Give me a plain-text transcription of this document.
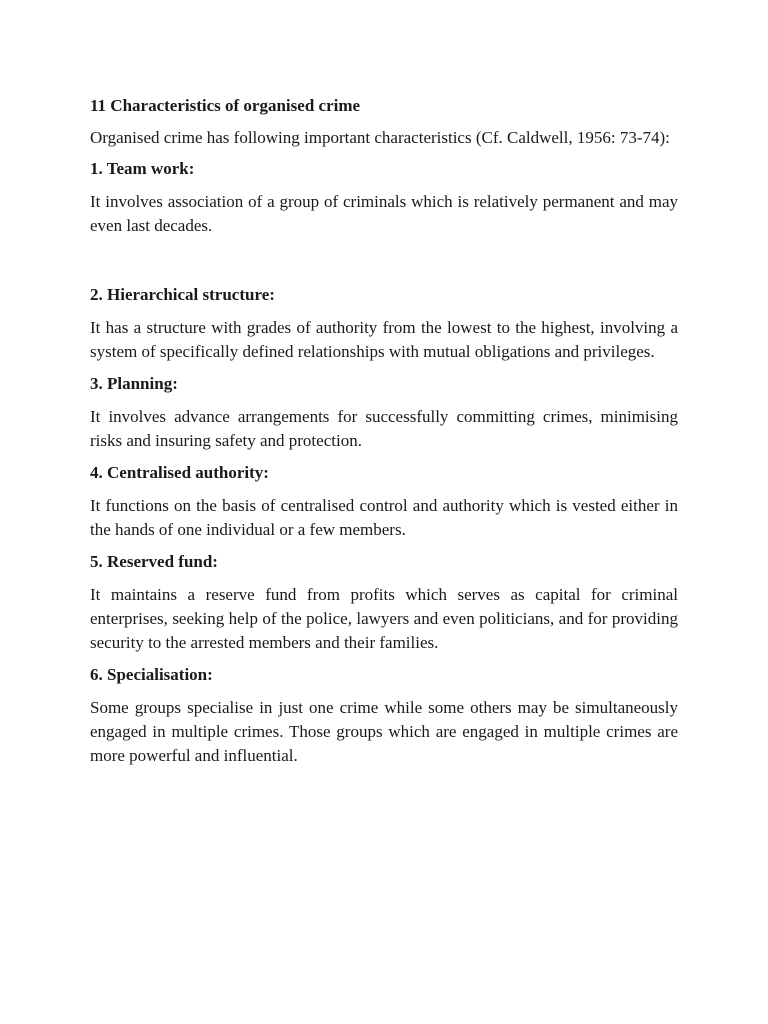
11 Characteristics of organised crime
Organised crime has following important characteristics (Cf. Caldwell, 1956: 73-74):
1. Team work:
It involves association of a group of criminals which is relatively permanent and may even last decades.
2. Hierarchical structure:
It has a structure with grades of authority from the lowest to the highest, involving a system of specifically defined relationships with mutual obligations and privileges.
3. Planning:
It involves advance arrangements for successfully committing crimes, minimising risks and insuring safety and protection.
4. Centralised authority:
It functions on the basis of centralised control and authority which is vested either in the hands of one individual or a few members.
5. Reserved fund:
It maintains a reserve fund from profits which serves as capital for criminal enterprises, seeking help of the police, lawyers and even politicians, and for providing security to the arrested members and their families.
6. Specialisation:
Some groups specialise in just one crime while some others may be simultaneously engaged in multiple crimes. Those groups which are engaged in multiple crimes are more powerful and influential.
